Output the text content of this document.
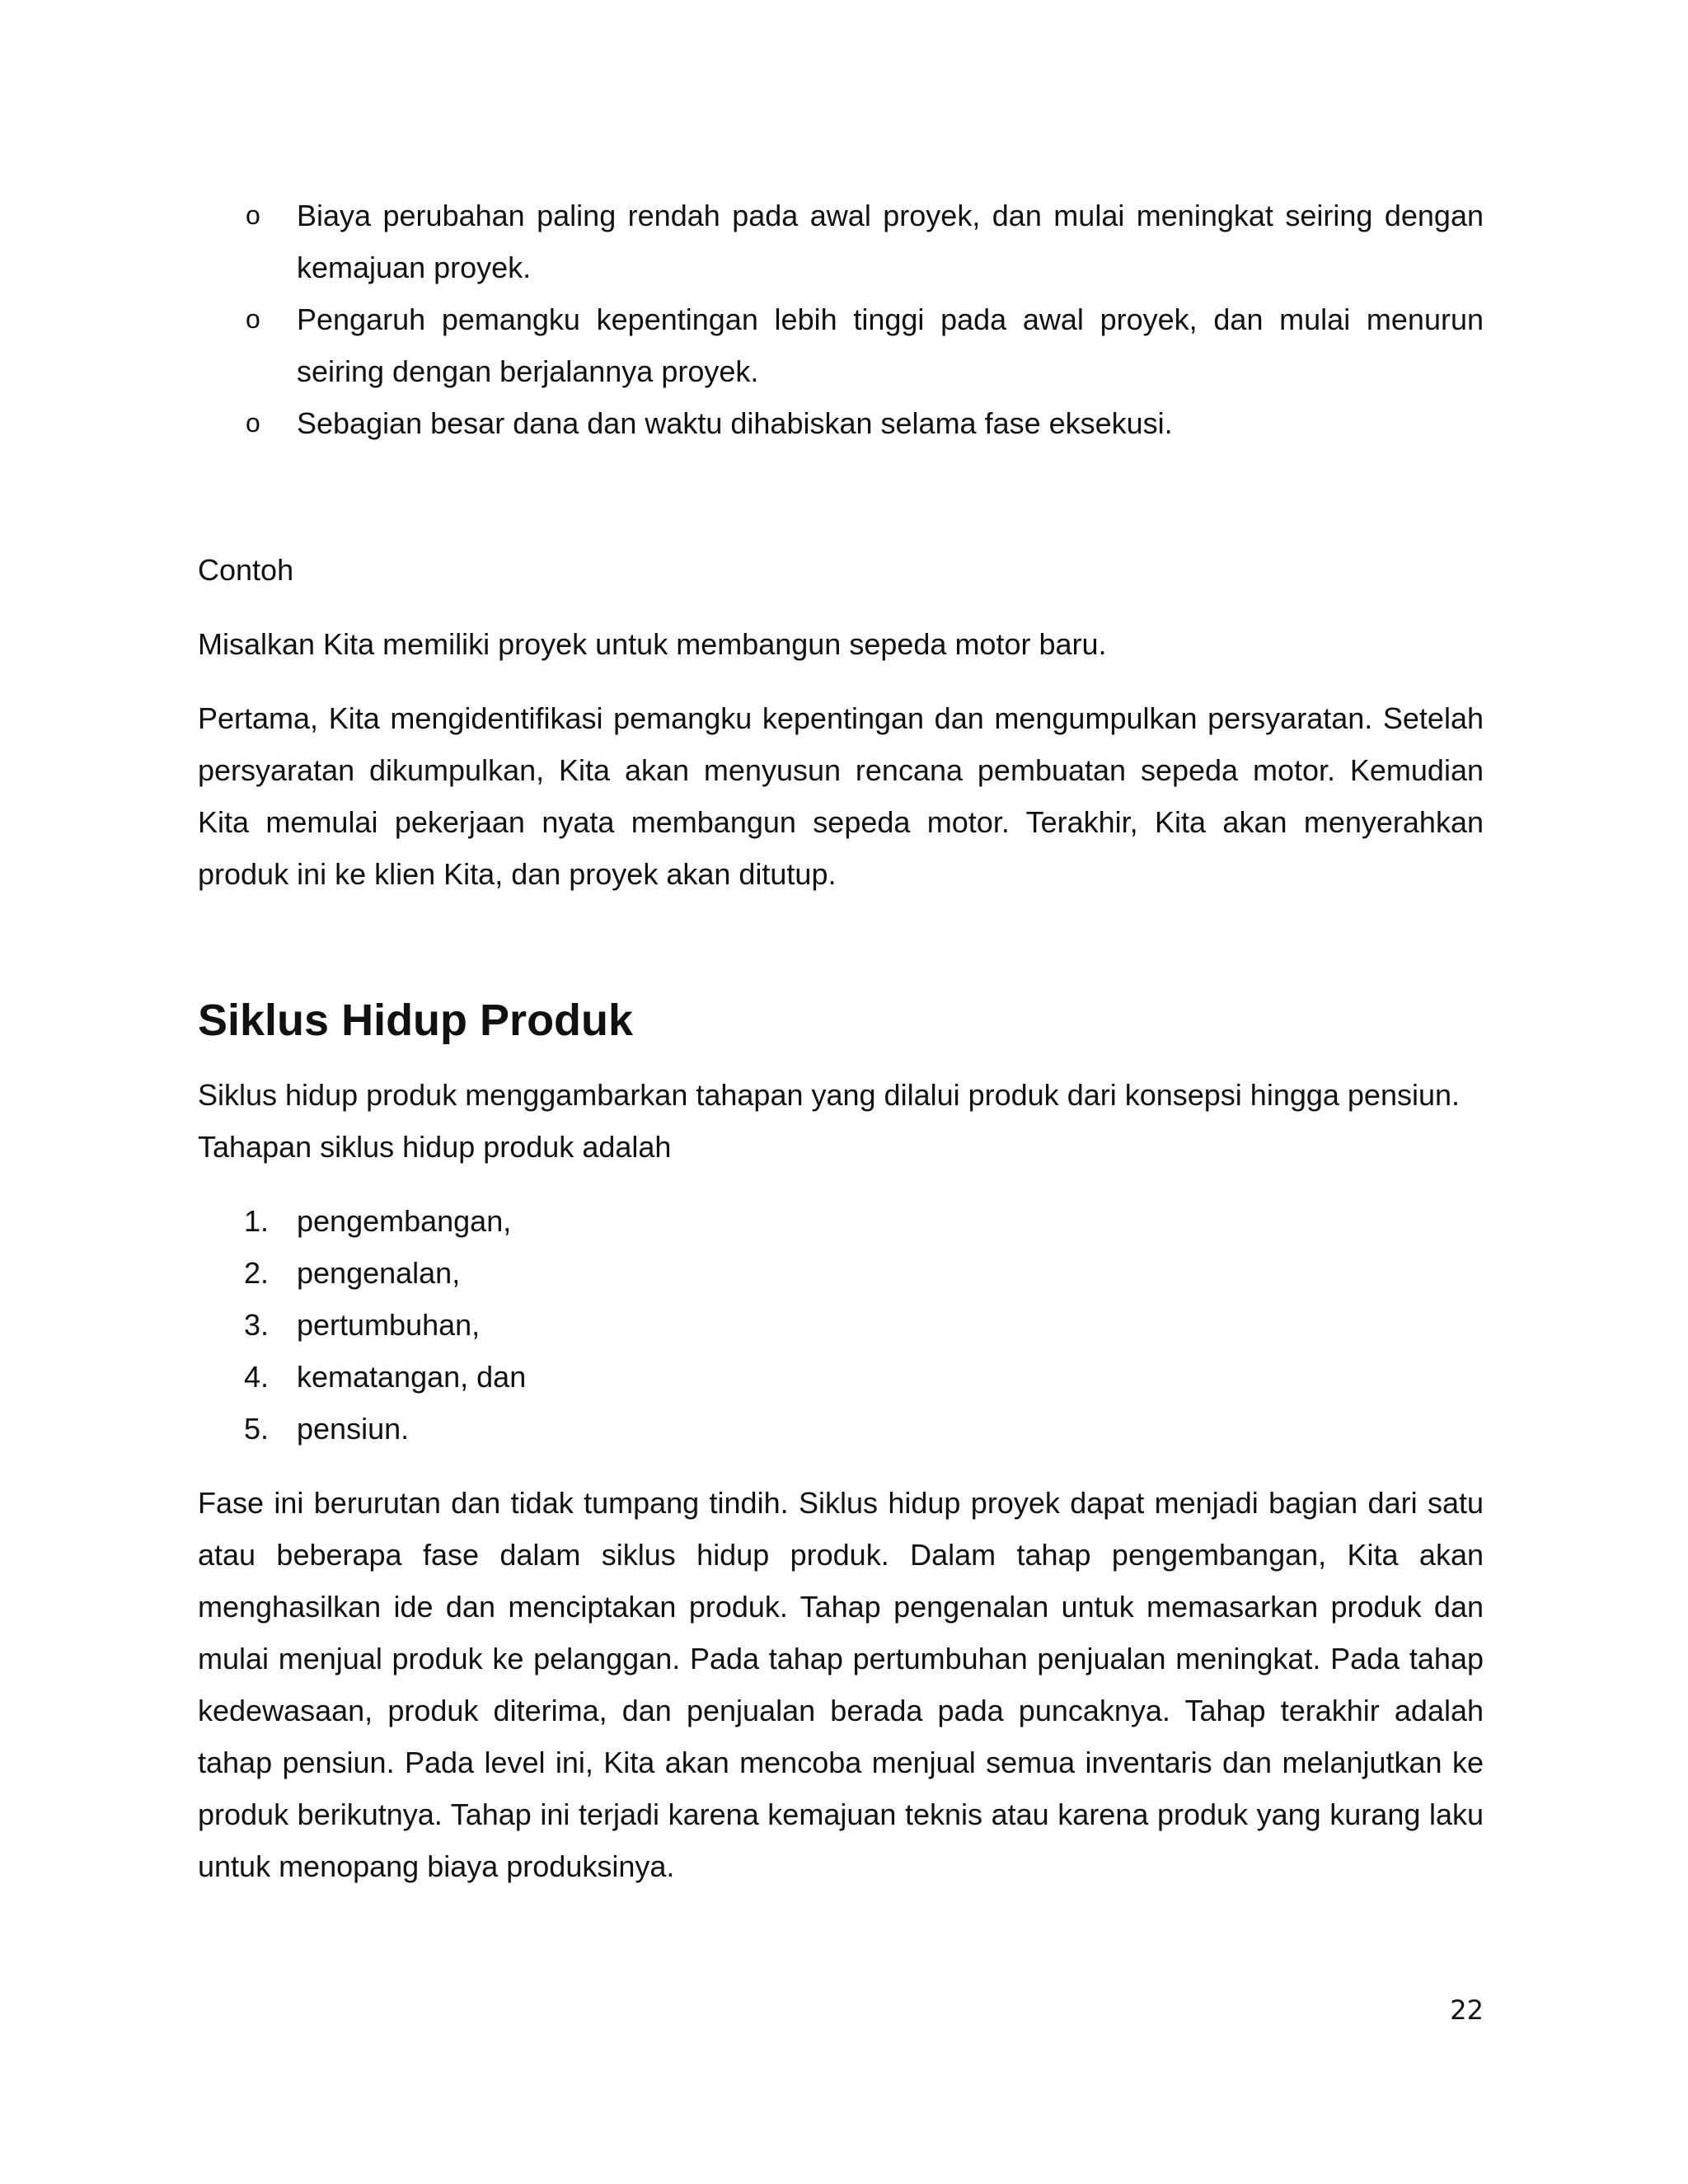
o Biaya perubahan paling rendah pada awal proyek, dan mulai meningkat seiring dengan
kemajuan proyek.
o Pengaruh pemangku kepentingan lebih tinggi pada awal proyek, dan mulai menurun
seiring dengan berjalannya proyek.
o Sebagian besar dana dan waktu dihabiskan selama fase eksekusi.

Contoh

Misalkan Kita memiliki proyek untuk membangun sepeda motor baru.

Pertama, Kita mengidentifikasi pemangku kepentingan dan mengumpulkan persyaratan. Setelah
persyaratan dikumpulkan, Kita akan menyusun rencana pembuatan sepeda motor. Kemudian
Kita memulai pekerjaan nyata membangun sepeda motor. Terakhir, Kita akan menyerahkan
produk ini ke klien Kita, dan proyek akan ditutup.
Siklus Hidup Produk
Siklus hidup produk menggambarkan tahapan yang dilalui produk dari konsepsi hingga pensiun.
Tahapan siklus hidup produk adalah
1. pengembangan,
2. pengenalan,
3. pertumbuhan,
4. kematangan, dan
5. pensiun.
Fase ini berurutan dan tidak tumpang tindih. Siklus hidup proyek dapat menjadi bagian dari satu
atau beberapa fase dalam siklus hidup produk. Dalam tahap pengembangan, Kita akan
menghasilkan ide dan menciptakan produk. Tahap pengenalan untuk memasarkan produk dan
mulai menjual produk ke pelanggan. Pada tahap pertumbuhan penjualan meningkat. Pada tahap
kedewasaan, produk diterima, dan penjualan berada pada puncaknya. Tahap terakhir adalah
tahap pensiun. Pada level ini, Kita akan mencoba menjual semua inventaris dan melanjutkan ke
produk berikutnya. Tahap ini terjadi karena kemajuan teknis atau karena produk yang kurang laku
untuk menopang biaya produksinya.
22
